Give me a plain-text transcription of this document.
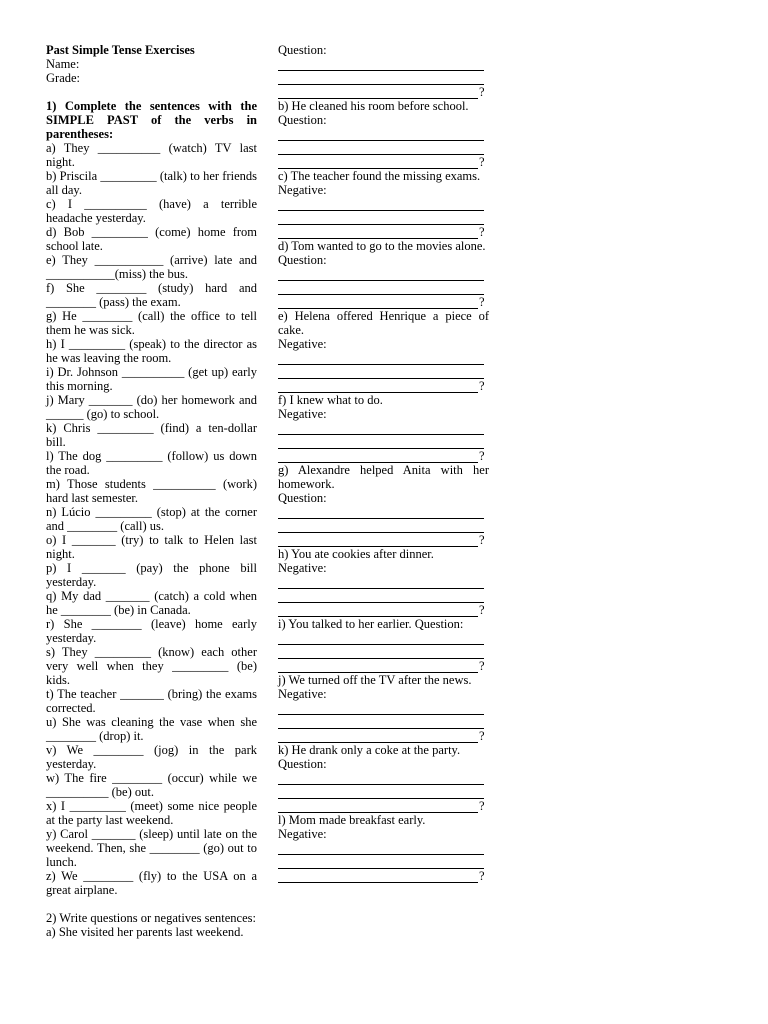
Past Simple Tense Exercises

Name:

Grade:

1) Complete the sentences with the SIMPLE PAST of the verbs in parentheses:

a) They __________ (watch) TV last night.

b) Priscila _________ (talk) to her friends all day.

c) I __________ (have) a terrible headache yesterday.

d) Bob _________ (come) home from school late.

e) They ___________ (arrive) late and ___________(miss) the bus.

f) She ________ (study) hard and ________ (pass) the exam.

g) He ________ (call) the office to tell them he was sick.

h) I _________ (speak) to the director as he was leaving the room.

i) Dr. Johnson __________ (get up) early this morning.

j) Mary _______ (do) her homework and ______ (go) to school.

k) Chris _________ (find) a ten-dollar bill.

l) The dog _________ (follow) us down the road.

m) Those students __________ (work) hard last semester.

n) Lúcio _________ (stop) at the corner and ________ (call) us.

o) I _______ (try) to talk to Helen last night.

p) I _______ (pay) the phone bill yesterday.

q) My dad _______ (catch) a cold when he ________ (be) in Canada.

r) She ________ (leave) home early yesterday.

s) They _________ (know) each other very well when they _________ (be) kids.

t) The teacher _______ (bring) the exams corrected.

u) She was cleaning the vase when she ________ (drop) it.

v) We ________ (jog) in the park yesterday.

w) The fire ________ (occur) while we __________ (be) out.

x) I _________ (meet) some nice people at the party last weekend.

y) Carol _______ (sleep) until late on the weekend. Then, she ________ (go) out to lunch.

z) We ________ (fly) to the USA on a great airplane.

2) Write questions or negatives sentences:

a) She visited her parents last weekend.

Question:

?

b) He cleaned his room before school.

Question:

?

c) The teacher found the missing exams.

Negative:

?

d) Tom wanted to go to the movies alone.

Question:

?

e) Helena offered Henrique a piece of cake.

Negative:

?

f) I knew what to do.

Negative:

?

g) Alexandre helped Anita with her homework.

Question:

?

h) You ate cookies after dinner.

Negative:

?

i) You talked to her earlier. Question:

?

j) We turned off the TV after the news.

Negative:

?

k) He drank only a coke at the party.

Question:

?

l) Mom made breakfast early.

Negative:

?
